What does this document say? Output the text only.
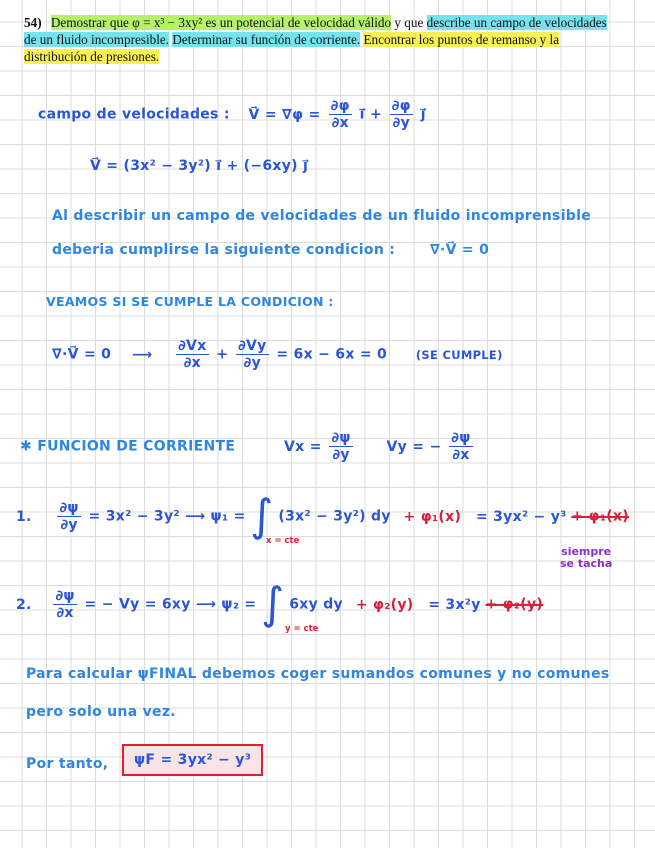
54) Demostrar que φ = x³ − 3xy² es un potencial de velocidad válido y que describe un campo de velocidades de un fluido incompresible. Determinar su función de corriente. Encontrar los puntos de remanso y la distribución de presiones.
campo de velocidades : V⃗ = $\nabla\varphi = \frac{\partial\varphi}{\partial x}$ ı⃗ + $\frac{\partial\varphi}{\partial y}$ ȷ⃗
V⃗ = (3x² − 3y²) ı⃗ + (−6xy) ȷ⃗
Al describir un campo de velocidades de un fluido incomprensible
deberia cumplirse la siguiente condicion : ∇·V⃗ = 0
VEAMOS SI SE CUMPLE LA CONDICION :
∇·V⃗ = 0 ⟶ $\frac{\partial Vx}{\partial x} + \frac{\partial Vy}{\partial y} = 6x - 6x = 0$	(SE CUMPLE)
✱ FUNCION DE CORRIENTE	$Vx = \frac{\partial\psi}{\partial y}$ Vy = − $\frac{\partial\psi}{\partial x}$
1. $\frac{\partial\psi}{\partial y} = 3x^2 - 3y^2$ ⟶ ψ₁ = ∫ (3x² − 3y²) dy + φ₁(x) = 3yx² − y³ + φ₁(x)
x = cte
siempre
se tacha
2. $\frac{\partial\psi}{\partial x}$ = − Vy = 6xy ⟶ ψ₂ = ∫ 6xy dy + φ₂(y) = 3x²y + φ₂(y)
y = cte
Para calcular ψFINAL debemos coger sumandos comunes y no comunes
pero solo una vez.
Por tanto,	ψF = 3yx² − y³
